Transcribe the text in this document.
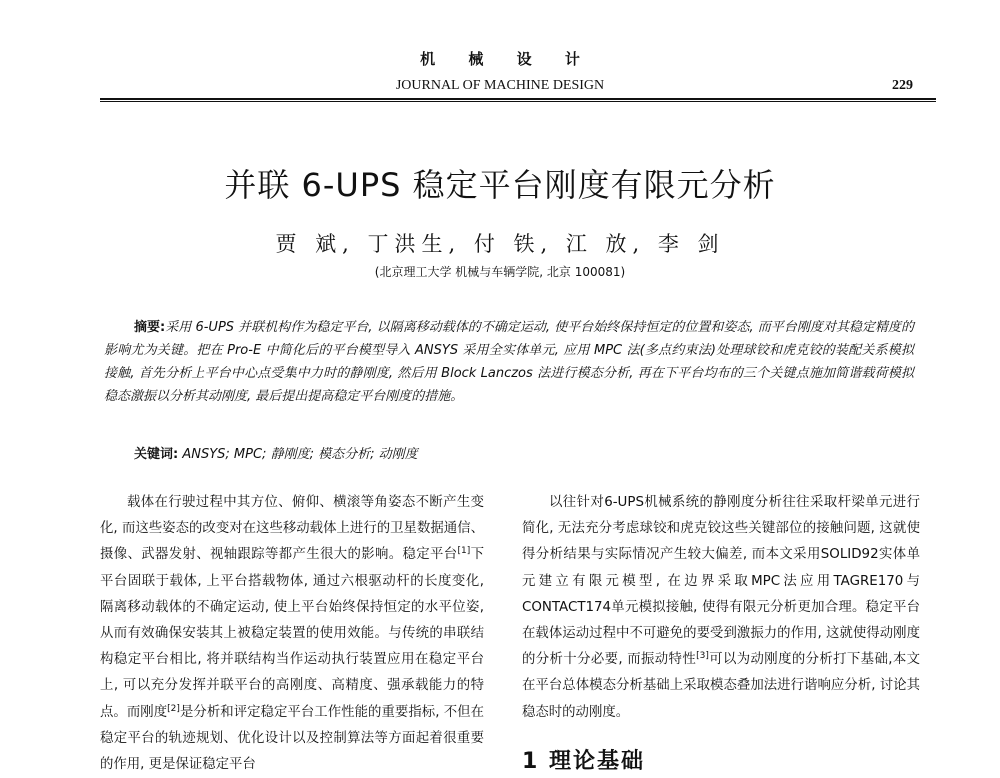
机 械 设 计
JOURNAL OF MACHINE DESIGN	229
并联 6-UPS 稳定平台刚度有限元分析
贾 斌, 丁洪生, 付 铁, 江 放, 李 剑
(北京理工大学 机械与车辆学院, 北京 100081)
摘要:采用 6-UPS 并联机构作为稳定平台, 以隔离移动载体的不确定运动, 使平台始终保持恒定的位置和姿态, 而平台刚度对其稳定精度的影响尤为关键。把在 Pro-E 中简化后的平台模型导入 ANSYS 采用全实体单元, 应用 MPC 法(多点约束法)处理球铰和虎克铰的装配关系模拟接触, 首先分析上平台中心点受集中力时的静刚度, 然后用 Block Lanczos 法进行模态分析, 再在下平台均布的三个关键点施加简谐载荷模拟稳态激振以分析其动刚度, 最后提出提高稳定平台刚度的措施。
关键词: ANSYS; MPC; 静刚度; 模态分析; 动刚度
载体在行驶过程中其方位、俯仰、横滚等角姿态不断产生变化, 而这些姿态的改变对在这些移动载体上进行的卫星数据通信、摄像、武器发射、视轴跟踪等都产生很大的影响。稳定平台[1]下平台固联于载体, 上平台搭载物体, 通过六根驱动杆的长度变化, 隔离移动载体的不确定运动, 使上平台始终保持恒定的水平位姿, 从而有效确保安装其上被稳定装置的使用效能。与传统的串联结构稳定平台相比, 将并联结构当作运动执行装置应用在稳定平台上, 可以充分发挥并联平台的高刚度、高精度、强承载能力的特点。而刚度[2]是分析和评定稳定平台工作性能的重要指标, 不但在稳定平台的轨迹规划、优化设计以及控制算法等方面起着很重要的作用, 更是保证稳定平台
以往针对6-UPS机械系统的静刚度分析往往采取杆梁单元进行简化, 无法充分考虑球铰和虎克铰这些关键部位的接触问题, 这就使得分析结果与实际情况产生较大偏差, 而本文采用SOLID92实体单元建立有限元模型, 在边界采取MPC法应用TAGRE170与CONTACT174单元模拟接触, 使得有限元分析更加合理。稳定平台在载体运动过程中不可避免的要受到激振力的作用, 这就使得动刚度的分析十分必要, 而振动特性[3]可以为动刚度的分析打下基础,本文在平台总体模态分析基础上采取模态叠加法进行谐响应分析, 讨论其稳态时的动刚度。
1 理论基础
